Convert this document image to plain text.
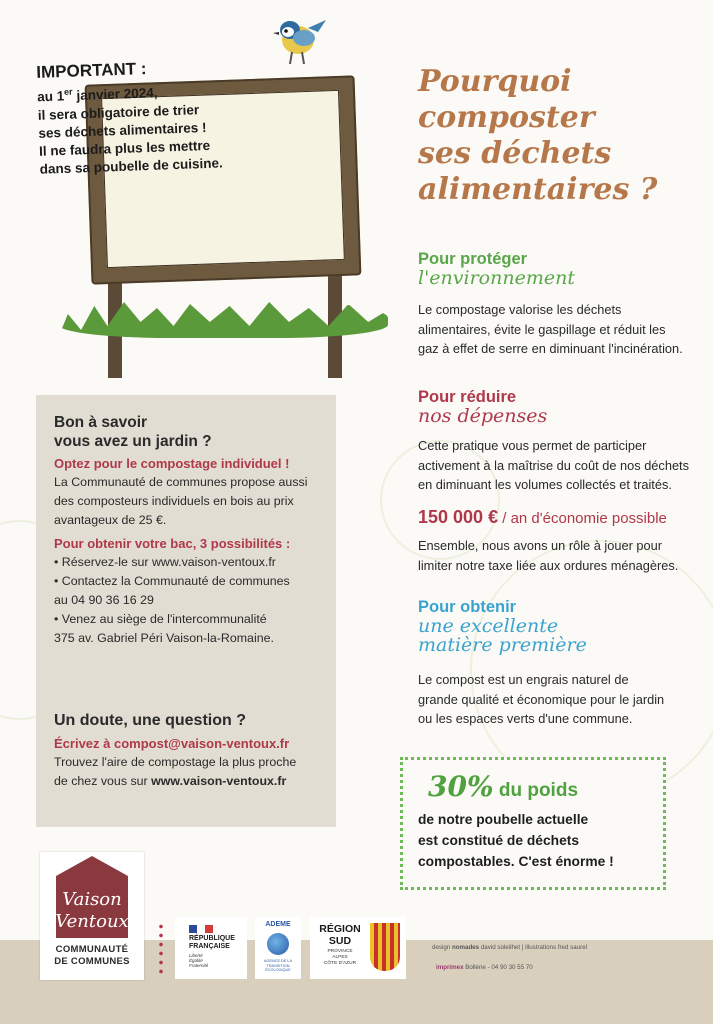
IMPORTANT :
au 1er janvier 2024,
il sera obligatoire de trier
ses déchets alimentaires !
Il ne faudra plus les mettre
dans sa poubelle de cuisine.
Pourquoi
composter
ses déchets
alimentaires ?
Pour protéger
l'environnement
Le compostage valorise les déchets
alimentaires, évite le gaspillage et réduit les
gaz à effet de serre en diminuant l'incinération.
Pour réduire
nos dépenses
Cette pratique vous permet de participer
activement à la maîtrise du coût de nos déchets
en diminuant les volumes collectés et traités.
150 000 € / an d'économie possible
Ensemble, nous avons un rôle à jouer pour
limiter notre taxe liée aux ordures ménagères.
Pour obtenir
une excellente
matière première
Le compost est un engrais naturel de
grande qualité et économique pour le jardin
ou les espaces verts d'une commune.
30% du poids
de notre poubelle actuelle
est constitué de déchets
compostables. C'est énorme !
Bon à savoir
vous avez un jardin ?
Optez pour le compostage individuel !
La Communauté de communes propose aussi
des composteurs individuels en bois au prix
avantageux de 25 €.
Pour obtenir votre bac, 3 possibilités :
• Réservez-le sur www.vaison-ventoux.fr
• Contactez la Communauté de communes
au 04 90 36 16 29
• Venez au siège de l'intercommunalité
375 av. Gabriel Péri Vaison-la-Romaine.
Un doute, une question ?
Écrivez à compost@vaison-ventoux.fr
Trouvez l'aire de compostage la plus proche
de chez vous sur www.vaison-ventoux.fr
Vaison
Ventoux
COMMUNAUTÉ
DE COMMUNES
RÉPUBLIQUE
FRANÇAISE
Liberté
Égalité
Fraternité
ADEME
AGENCE DE LA
TRANSITION
ÉCOLOGIQUE
RÉGION
SUD
PROVINCE
ALPES
CÔTE D'AZUR
design nomades david soleilhet | illustrations fred saurel
imprimex Bollène - 04 90 30 55 70
